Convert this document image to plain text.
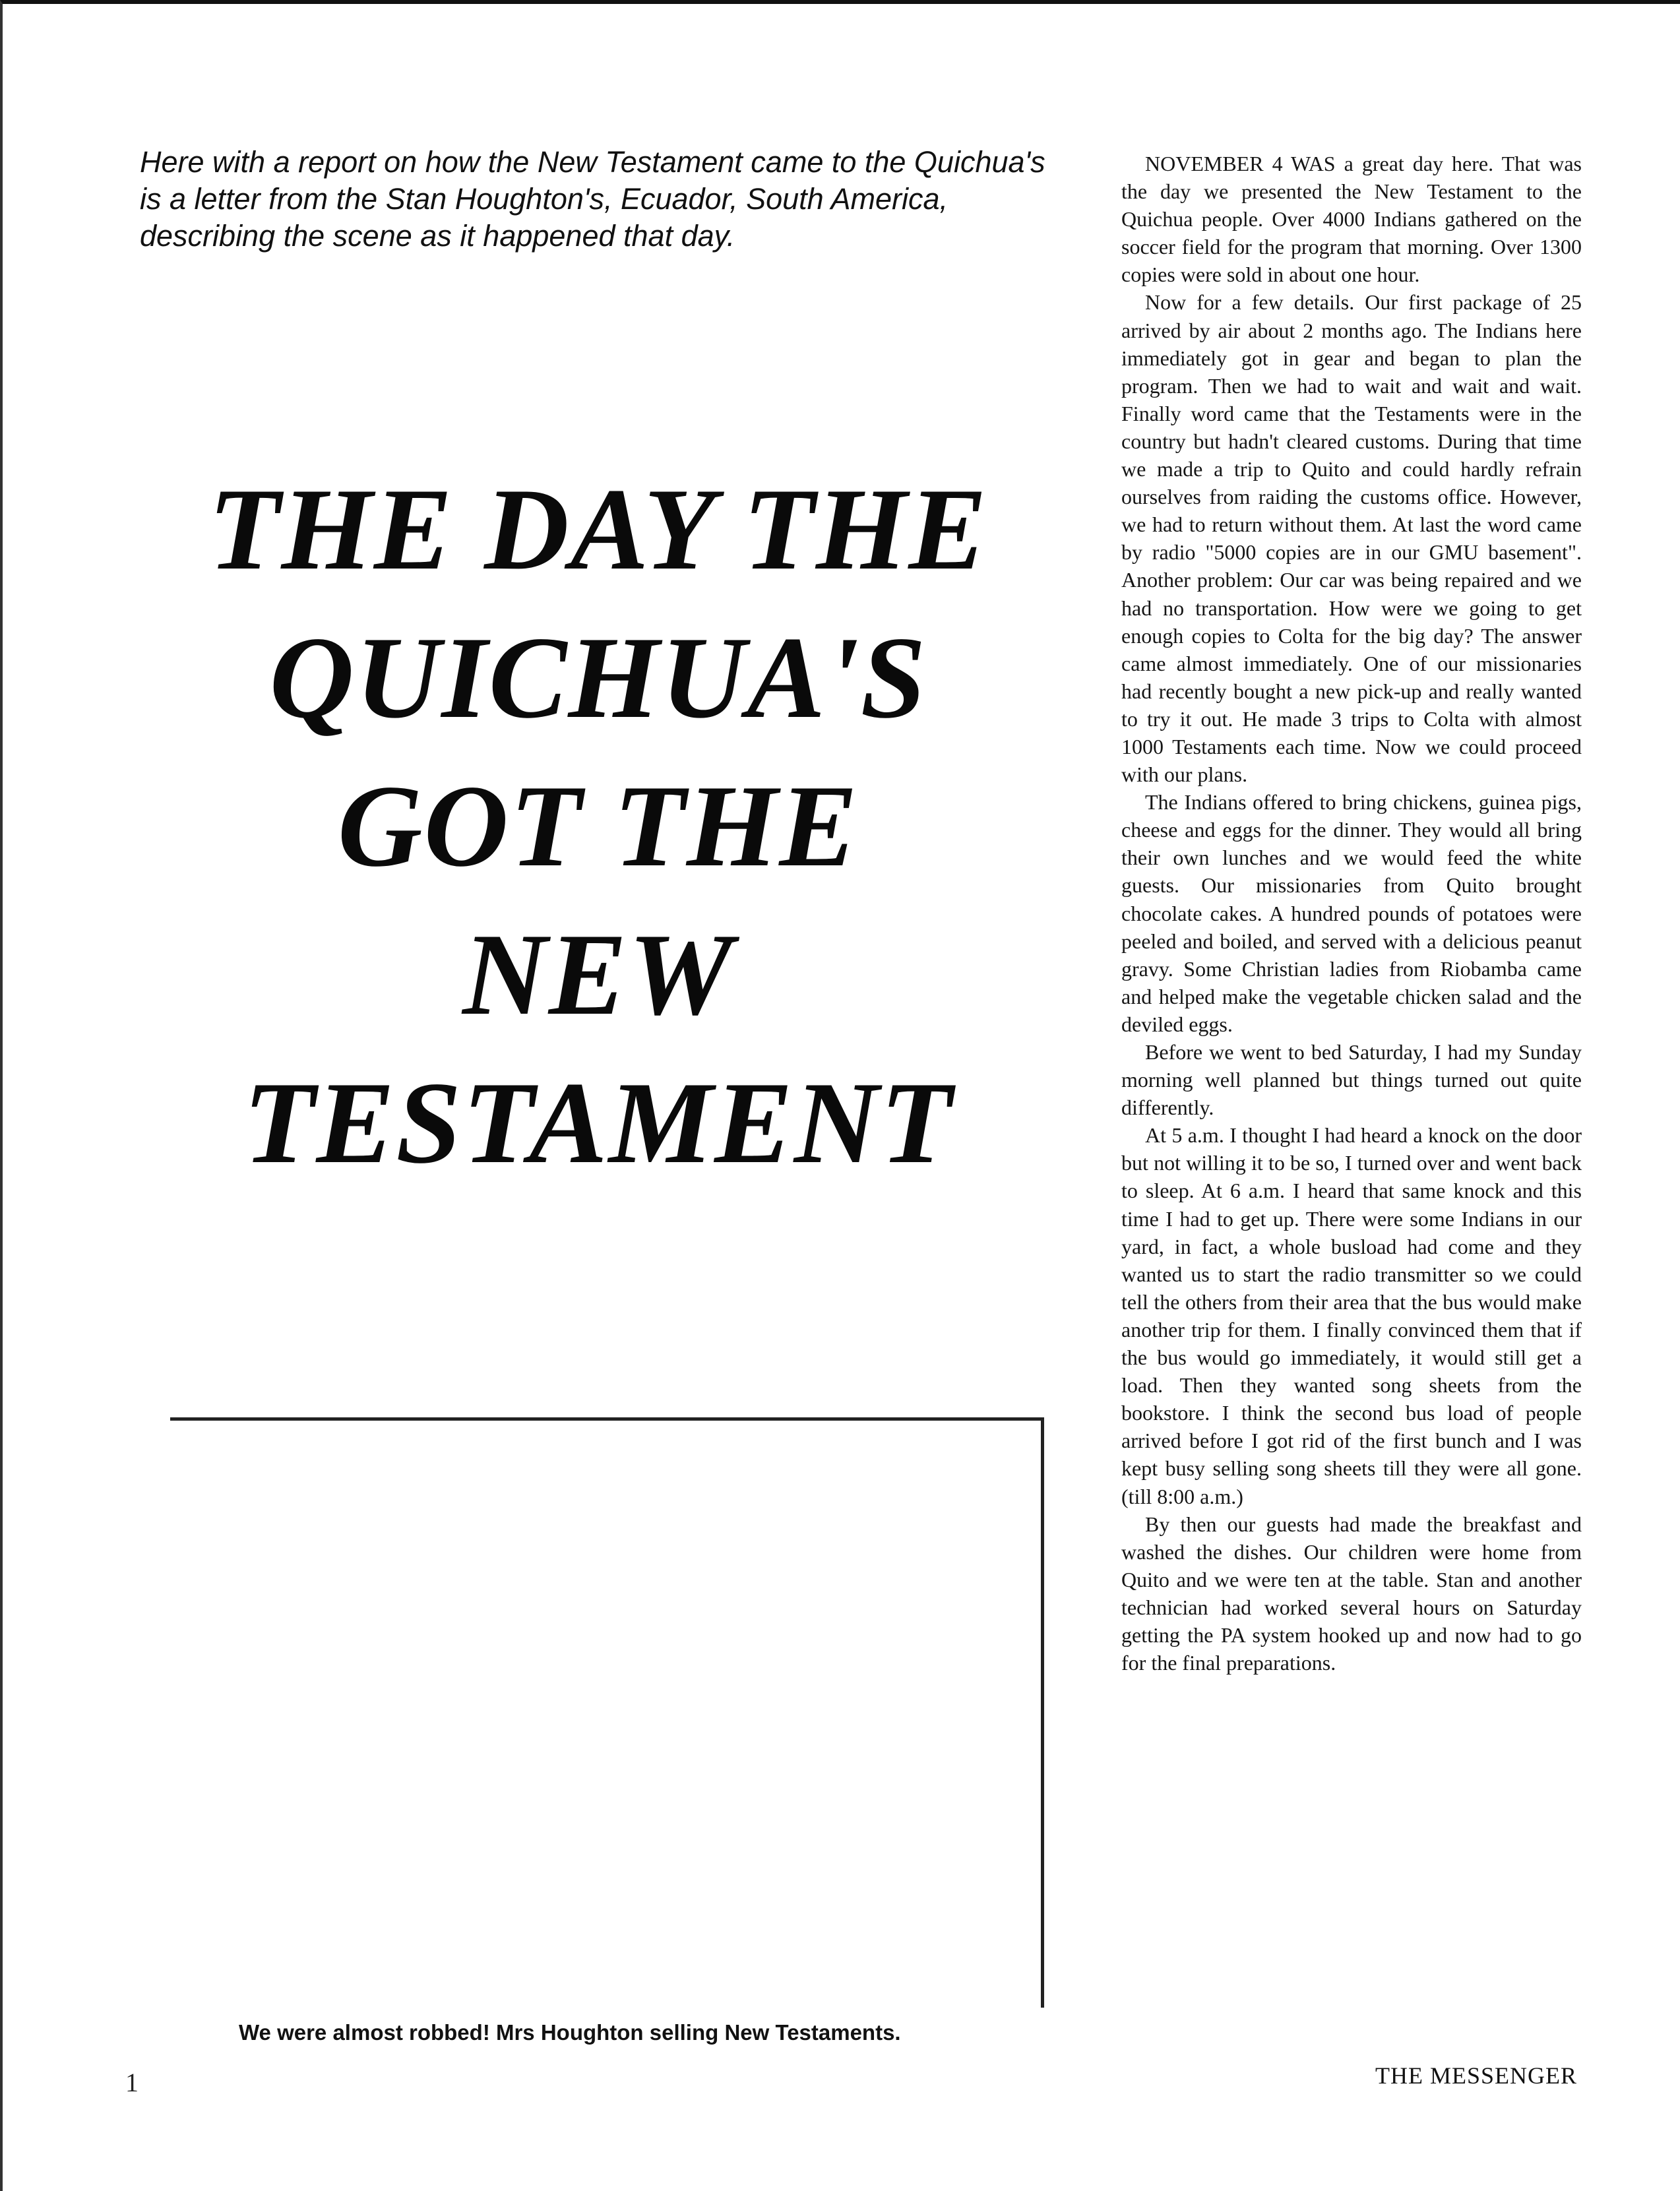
Here with a report on how the New Testament came to the Quichua's is a letter from the Stan Houghton's, Ecuador, South America, describing the scene as it happened that day.
THE DAY THE
QUICHUA'S
GOT THE
NEW
TESTAMENT
We were almost robbed! Mrs Houghton selling New Testaments.

NOVEMBER 4 WAS a great day here. That was the day we presented the New Testament to the Quichua people. Over 4000 Indians gathered on the soccer field for the program that morning. Over 1300 copies were sold in about one hour.

Now for a few details. Our first package of 25 arrived by air about 2 months ago. The Indians here immediately got in gear and began to plan the program. Then we had to wait and wait and wait. Finally word came that the Testaments were in the country but hadn't cleared customs. During that time we made a trip to Quito and could hardly refrain ourselves from raiding the customs office. However, we had to return without them. At last the word came by radio "5000 copies are in our GMU basement". Another problem: Our car was being repaired and we had no transportation. How were we going to get enough copies to Colta for the big day? The answer came almost immediately. One of our missionaries had recently bought a new pick-up and really wanted to try it out. He made 3 trips to Colta with almost 1000 Testaments each time. Now we could proceed with our plans.

The Indians offered to bring chickens, guinea pigs, cheese and eggs for the dinner. They would all bring their own lunches and we would feed the white guests. Our missionaries from Quito brought chocolate cakes. A hundred pounds of potatoes were peeled and boiled, and served with a delicious peanut gravy. Some Christian ladies from Riobamba came and helped make the vegetable chicken salad and the deviled eggs.

Before we went to bed Saturday, I had my Sunday morning well planned but things turned out quite differently.

At 5 a.m. I thought I had heard a knock on the door but not willing it to be so, I turned over and went back to sleep. At 6 a.m. I heard that same knock and this time I had to get up. There were some Indians in our yard, in fact, a whole busload had come and they wanted us to start the radio transmitter so we could tell the others from their area that the bus would make another trip for them. I finally convinced them that if the bus would go immediately, it would still get a load. Then they wanted song sheets from the bookstore. I think the second bus load of people arrived before I got rid of the first bunch and I was kept busy selling song sheets till they were all gone. (till 8:00 a.m.)

By then our guests had made the breakfast and washed the dishes. Our children were home from Quito and we were ten at the table. Stan and another technician had worked several hours on Saturday getting the PA system hooked up and now had to go for the final preparations.

1	THE MESSENGER
